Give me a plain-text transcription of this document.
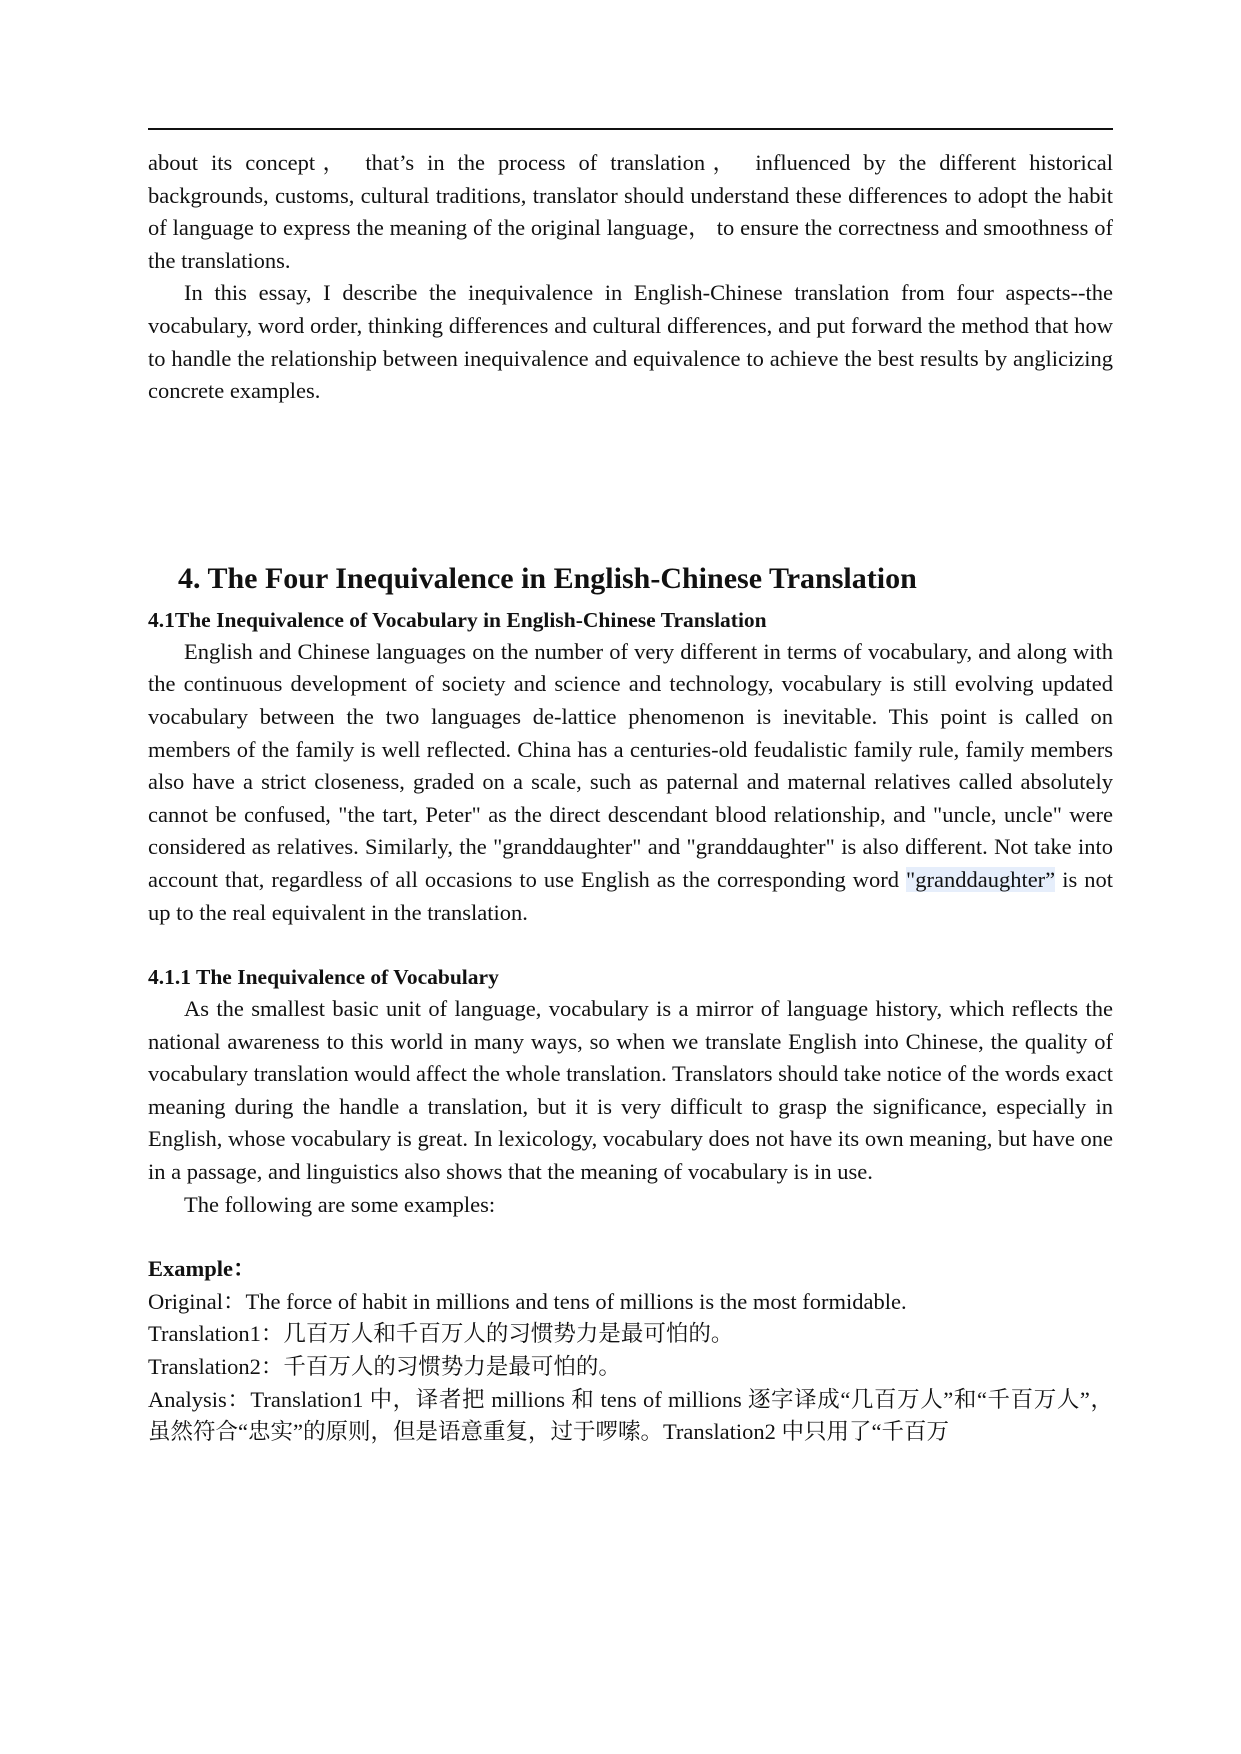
about its concept， that’s in the process of translation， influenced by the different historical backgrounds, customs, cultural traditions, translator should understand these differences to adopt the habit of language to express the meaning of the original language， to ensure the correctness and smoothness of the translations.

In this essay, I describe the inequivalence in English-Chinese translation from four aspects--the vocabulary, word order, thinking differences and cultural differences, and put forward the method that how to handle the relationship between inequivalence and equivalence to achieve the best results by anglicizing concrete examples.

4. The Four Inequivalence in English-Chinese Translation
4.1The Inequivalence of Vocabulary in English-Chinese Translation

English and Chinese languages on the number of very different in terms of vocabulary, and along with the continuous development of society and science and technology, vocabulary is still evolving updated vocabulary between the two languages de-lattice phenomenon is inevitable. This point is called on members of the family is well reflected. China has a centuries-old feudalistic family rule, family members also have a strict closeness, graded on a scale, such as paternal and maternal relatives called absolutely cannot be confused, "the tart, Peter" as the direct descendant blood relationship, and "uncle, uncle" were considered as relatives. Similarly, the "granddaughter" and "granddaughter" is also different. Not take into account that, regardless of all occasions to use English as the corresponding word "granddaughter” is not up to the real equivalent in the translation.

4.1.1 The Inequivalence of Vocabulary

As the smallest basic unit of language, vocabulary is a mirror of language history, which reflects the national awareness to this world in many ways, so when we translate English into Chinese, the quality of vocabulary translation would affect the whole translation. Translators should take notice of the words exact meaning during the handle a translation, but it is very difficult to grasp the significance, especially in English, whose vocabulary is great. In lexicology, vocabulary does not have its own meaning, but have one in a passage, and linguistics also shows that the meaning of vocabulary is in use.

The following are some examples:

Example：

Original：The force of habit in millions and tens of millions is the most formidable.

Translation1：几百万人和千百万人的习惯势力是最可怕的。

Translation2：千百万人的习惯势力是最可怕的。

Analysis：Translation1 中，译者把 millions 和 tens of millions 逐字译成“几百万人”和“千百万人”，虽然符合“忠实”的原则，但是语意重复，过于啰嗦。Translation2 中只用了“千百万
